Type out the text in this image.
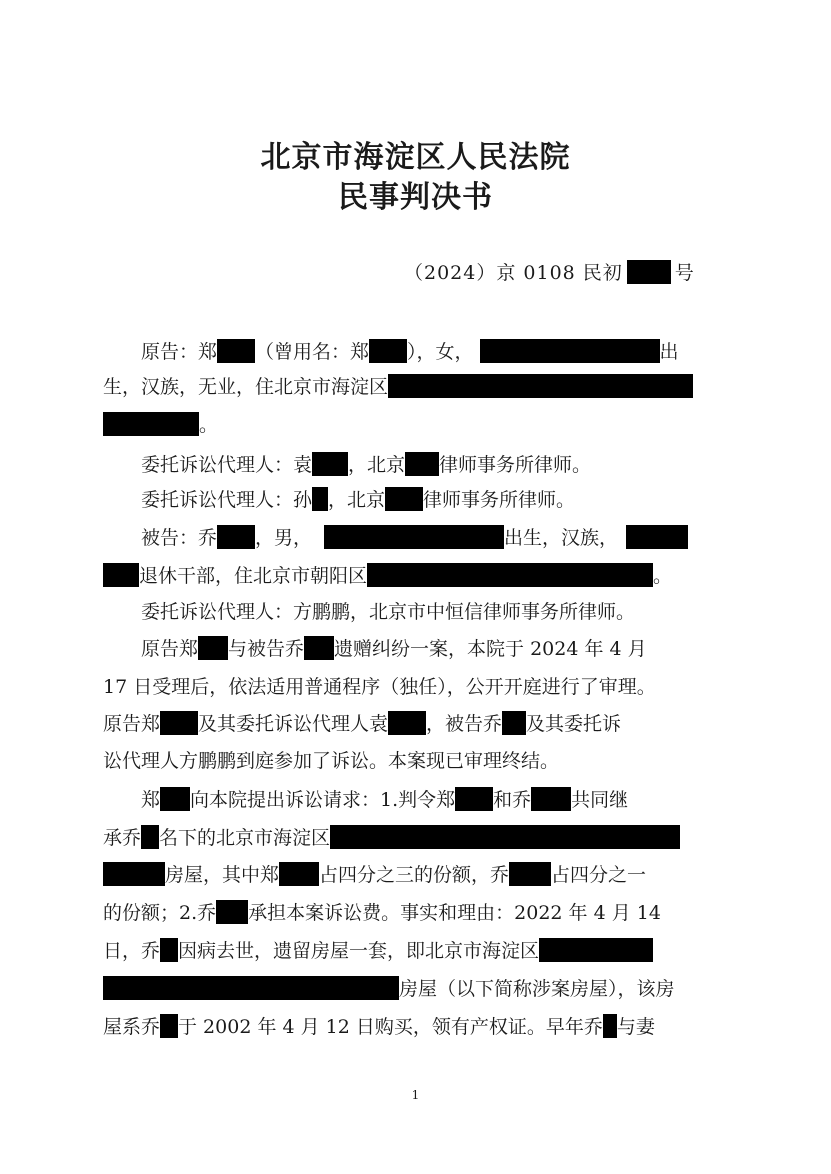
北京市海淀区人民法院
民事判决书
（2024）京 0108 民初	号
原告：郑 （曾用名：郑 ），女，	出
生，汉族，无业，住北京市海淀区
。
委托诉讼代理人：袁 ，北京 律师事务所律师。
委托诉讼代理人：孙 ，北京 律师事务所律师。
被告：乔 ，男，	出生，汉族，
退休干部，住北京市朝阳区	。
委托诉讼代理人：方鹏鹏，北京市中恒信律师事务所律师。
原告郑 与被告乔 遗赠纠纷一案，本院于 2024 年 4 月
17 日受理后，依法适用普通程序（独任），公开开庭进行了审理。
原告郑 及其委托诉讼代理人袁 ，被告乔 及其委托诉
讼代理人方鹏鹏到庭参加了诉讼。本案现已审理终结。
郑 向本院提出诉讼请求：1.判令郑 和乔 共同继
承乔 名下的北京市海淀区
房屋，其中郑 占四分之三的份额，乔 占四分之一
的份额；2.乔 承担本案诉讼费。事实和理由：2022 年 4 月 14
日，乔 因病去世，遗留房屋一套，即北京市海淀区
房屋（以下简称涉案房屋），该房
屋系乔 于 2002 年 4 月 12 日购买，领有产权证。早年乔 与妻
1
